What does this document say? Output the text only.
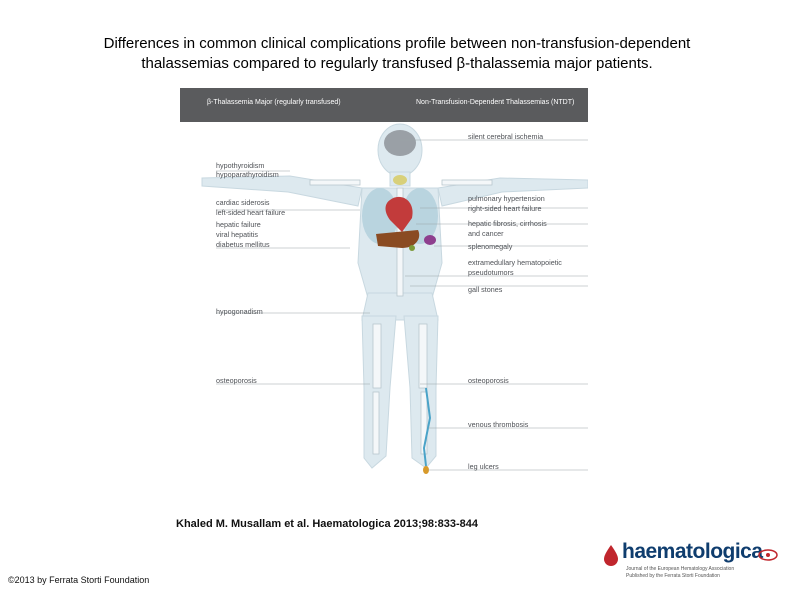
Differences in common clinical complications profile between non-transfusion-dependent
thalassemias compared to regularly transfused β-thalassemia major patients.
β-Thalassemia Major (regularly transfused)	Non-Transfusion-Dependent Thalassemias (NTDT)
hypothyroidism
hypoparathyroidism
cardiac siderosis
left-sided heart failure
hepatic failure
viral hepatitis
diabetus mellitus
hypogonadism
osteoporosis
silent cerebral ischemia
pulmonary hypertension
right-sided heart failure
hepatic fibrosis, cirrhosis
and cancer
splenomegaly
extramedullary hematopoietic
pseudotumors
gall stones
osteoporosis
venous thrombosis
leg ulcers
Khaled M. Musallam et al. Haematologica 2013;98:833-844
haematologica
Journal of the European Hematology Association
Published by the Ferrata Storti Foundation
©2013 by Ferrata Storti Foundation
